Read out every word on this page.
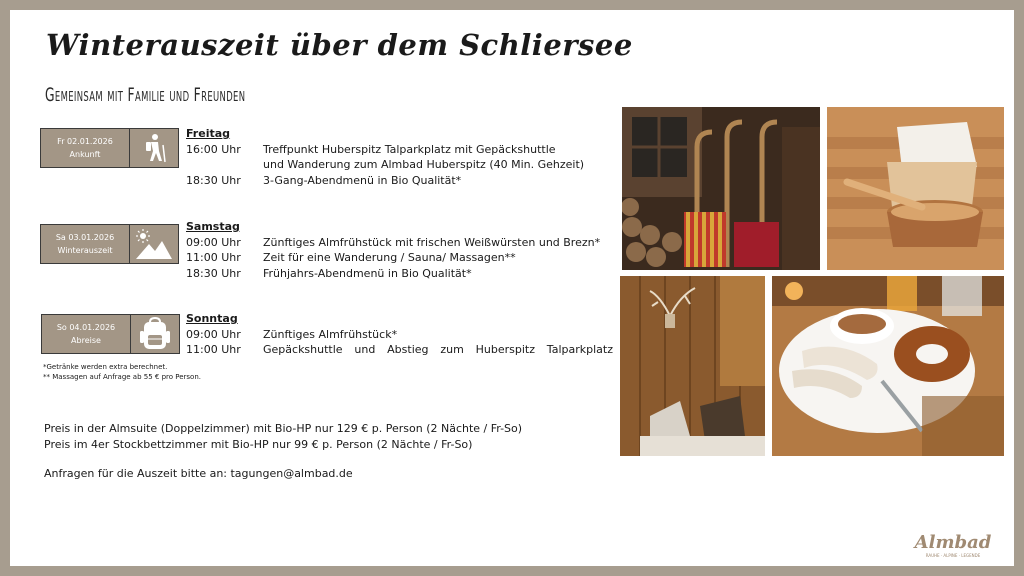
Winterauszeit über dem Schliersee
Gemeinsam mit Familie und Freunden
Fr 02.01.2026
Ankunft
Freitag
16:00 Uhr	Treffpunkt Huberspitz Talparkplatz mit Gepäckshuttle
und Wanderung zum Almbad Huberspitz (40 Min. Gehzeit)
18:30 Uhr	3-Gang-Abendmenü in Bio Qualität*
Sa 03.01.2026
Winterauszeit
Samstag
09:00 Uhr	Zünftiges Almfrühstück mit frischen Weißwürsten und Brezn*
11:00 Uhr	Zeit für eine Wanderung / Sauna/ Massagen**
18:30 Uhr	Frühjahrs-Abendmenü in Bio Qualität*
So 04.01.2026
Abreise
Sonntag
09:00 Uhr	Zünftiges Almfrühstück*
11:00 Uhr	Gepäckshuttle und Abstieg zum Huberspitz Talparkplatz
*Getränke werden extra berechnet.
** Massagen auf Anfrage ab 55 € pro Person.
Preis in der Almsuite (Doppelzimmer) mit Bio-HP nur 129 € p. Person (2 Nächte / Fr-So)
Preis im 4er Stockbettzimmer mit Bio-HP nur 99 € p. Person (2 Nächte / Fr-So)
Anfragen für die Auszeit bitte an: tagungen@almbad.de
Almbad
RAUHE · ALPINE · LEGENDE
